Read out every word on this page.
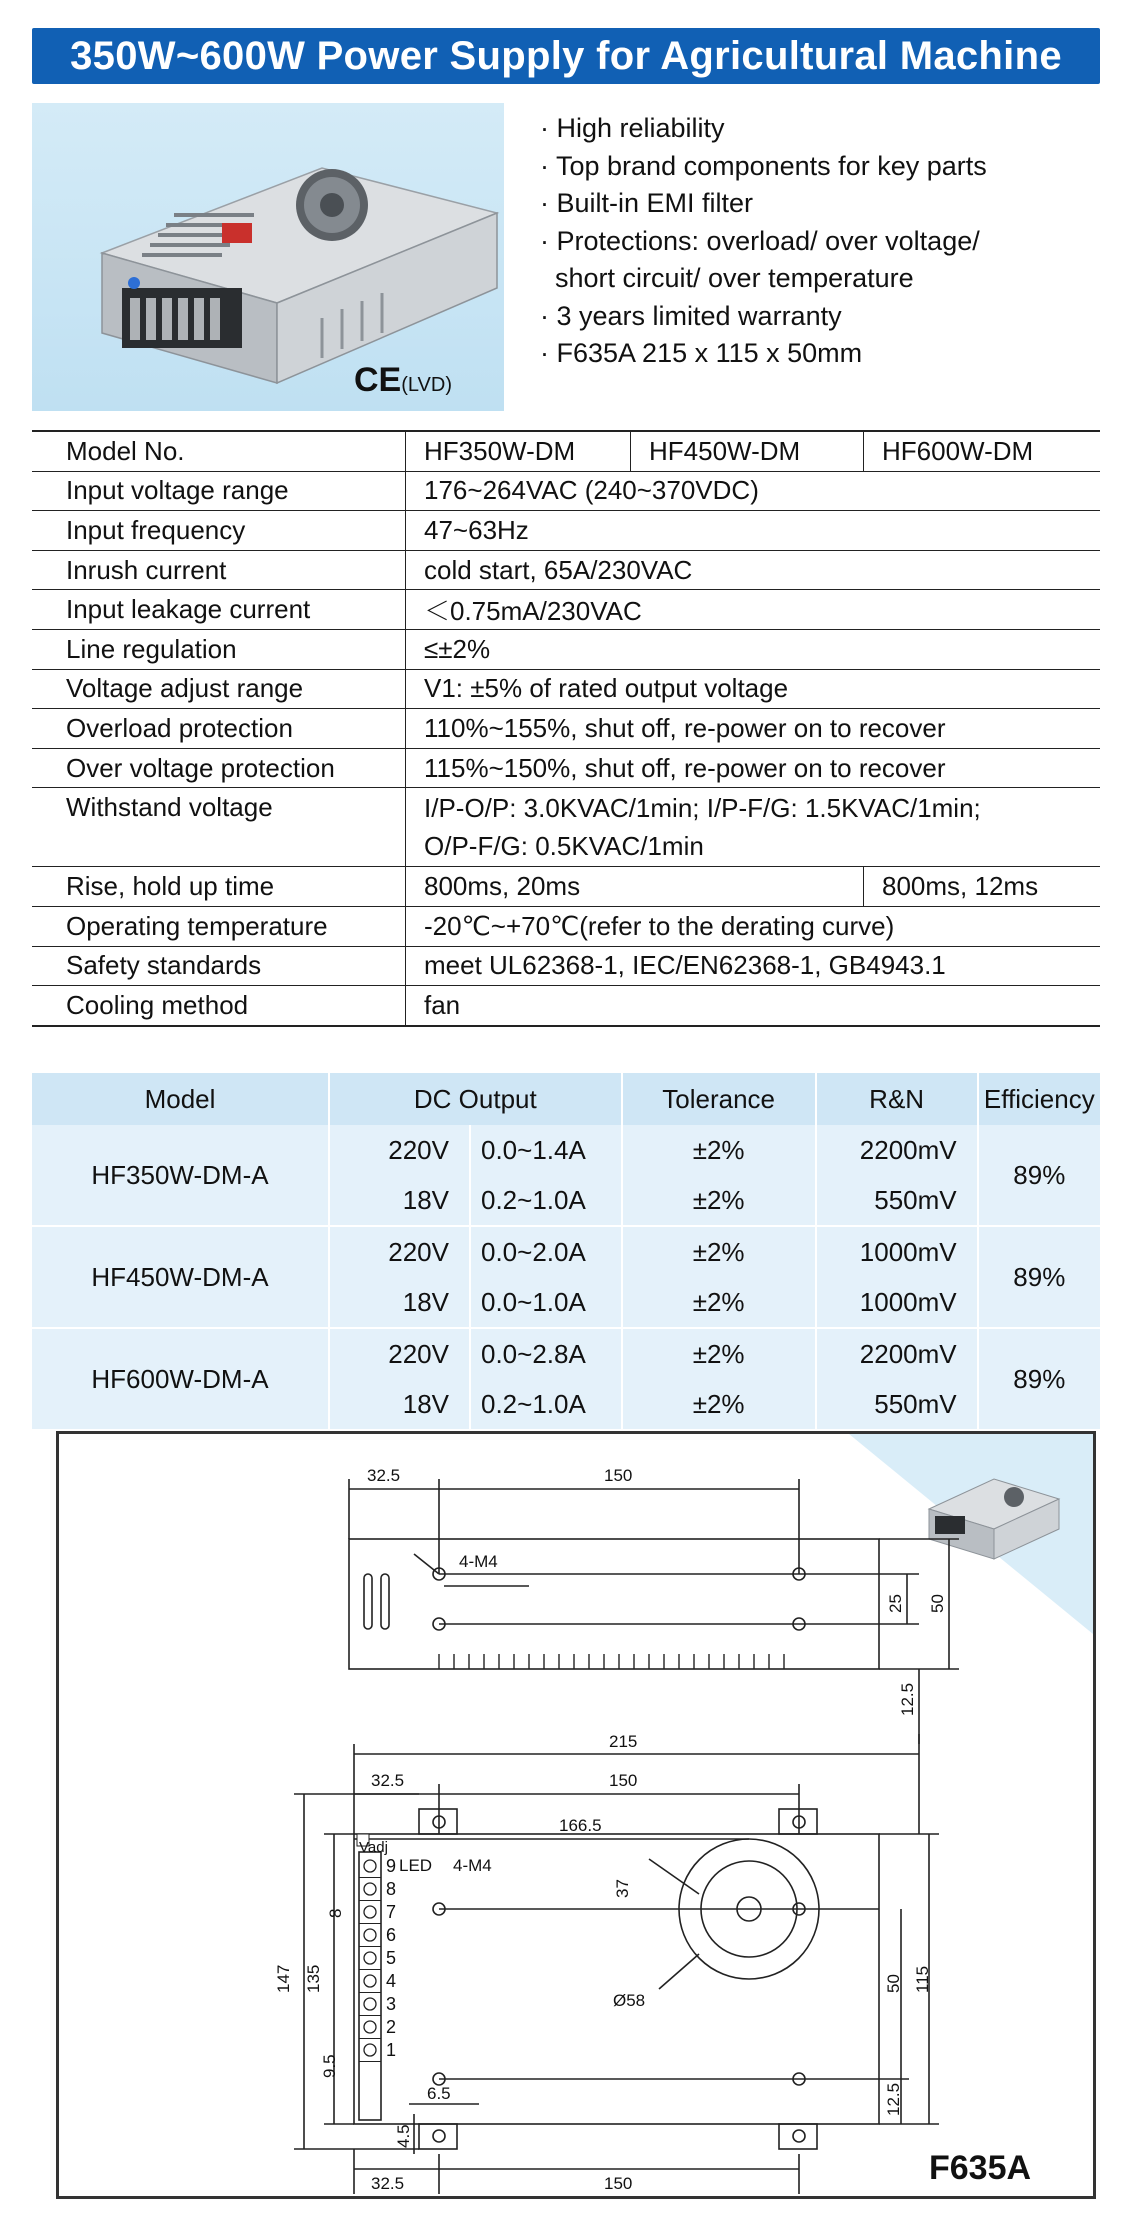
350W~600W Power Supply for Agricultural Machine
CE(LVD)
· High reliability
· Top brand components for key parts
· Built-in EMI filter
· Protections: overload/ over voltage/
short circuit/ over temperature
· 3 years limited warranty
· F635A 215 x 115 x 50mm
Model No.	HF350W-DM	HF450W-DM	HF600W-DM
Input voltage range	176~264VAC (240~370VDC)		
Input frequency	47~63Hz		
Inrush current	cold start, 65A/230VAC		
Input leakage current	＜0.75mA/230VAC		
Line regulation	≤±2%		
Voltage adjust range	V1: ±5% of rated output voltage		
Overload protection	110%~155%, shut off, re-power on to recover		
Over voltage protection	115%~150%, shut off, re-power on to recover		
Withstand voltage	I/P-O/P: 3.0KVAC/1min; I/P-F/G: 1.5KVAC/1min;
O/P-F/G: 0.5KVAC/1min		

Rise, hold up time	800ms, 20ms		800ms, 12ms
Operating temperature	-20℃~+70℃(refer to the derating curve)		
Safety standards	meet UL62368-1, IEC/EN62368-1, GB4943.1		
Cooling method	fan		
Model	DC Output		Tolerance	R&N	Efficiency
HF350W-DM-A	220V	0.0~1.4A	±2%	2200mV	89%
	18V	0.2~1.0A	±2%	550mV	
HF450W-DM-A	220V	0.0~2.0A	±2%	1000mV	89%
	18V	0.0~1.0A	±2%	1000mV	
HF600W-DM-A	220V	0.0~2.8A	±2%	2200mV	89%
	18V	0.2~1.0A	±2%	550mV	
32.5	150
4-M4
25 50
12.5
215
32.5	150
166.5
Vadj
LED 4-M4
37
Ø58
50 115
12.5
147 135
8
9.5
6.5
4.5
32.5	150
9
8
7
6
5
4
3
2
1
F635A
